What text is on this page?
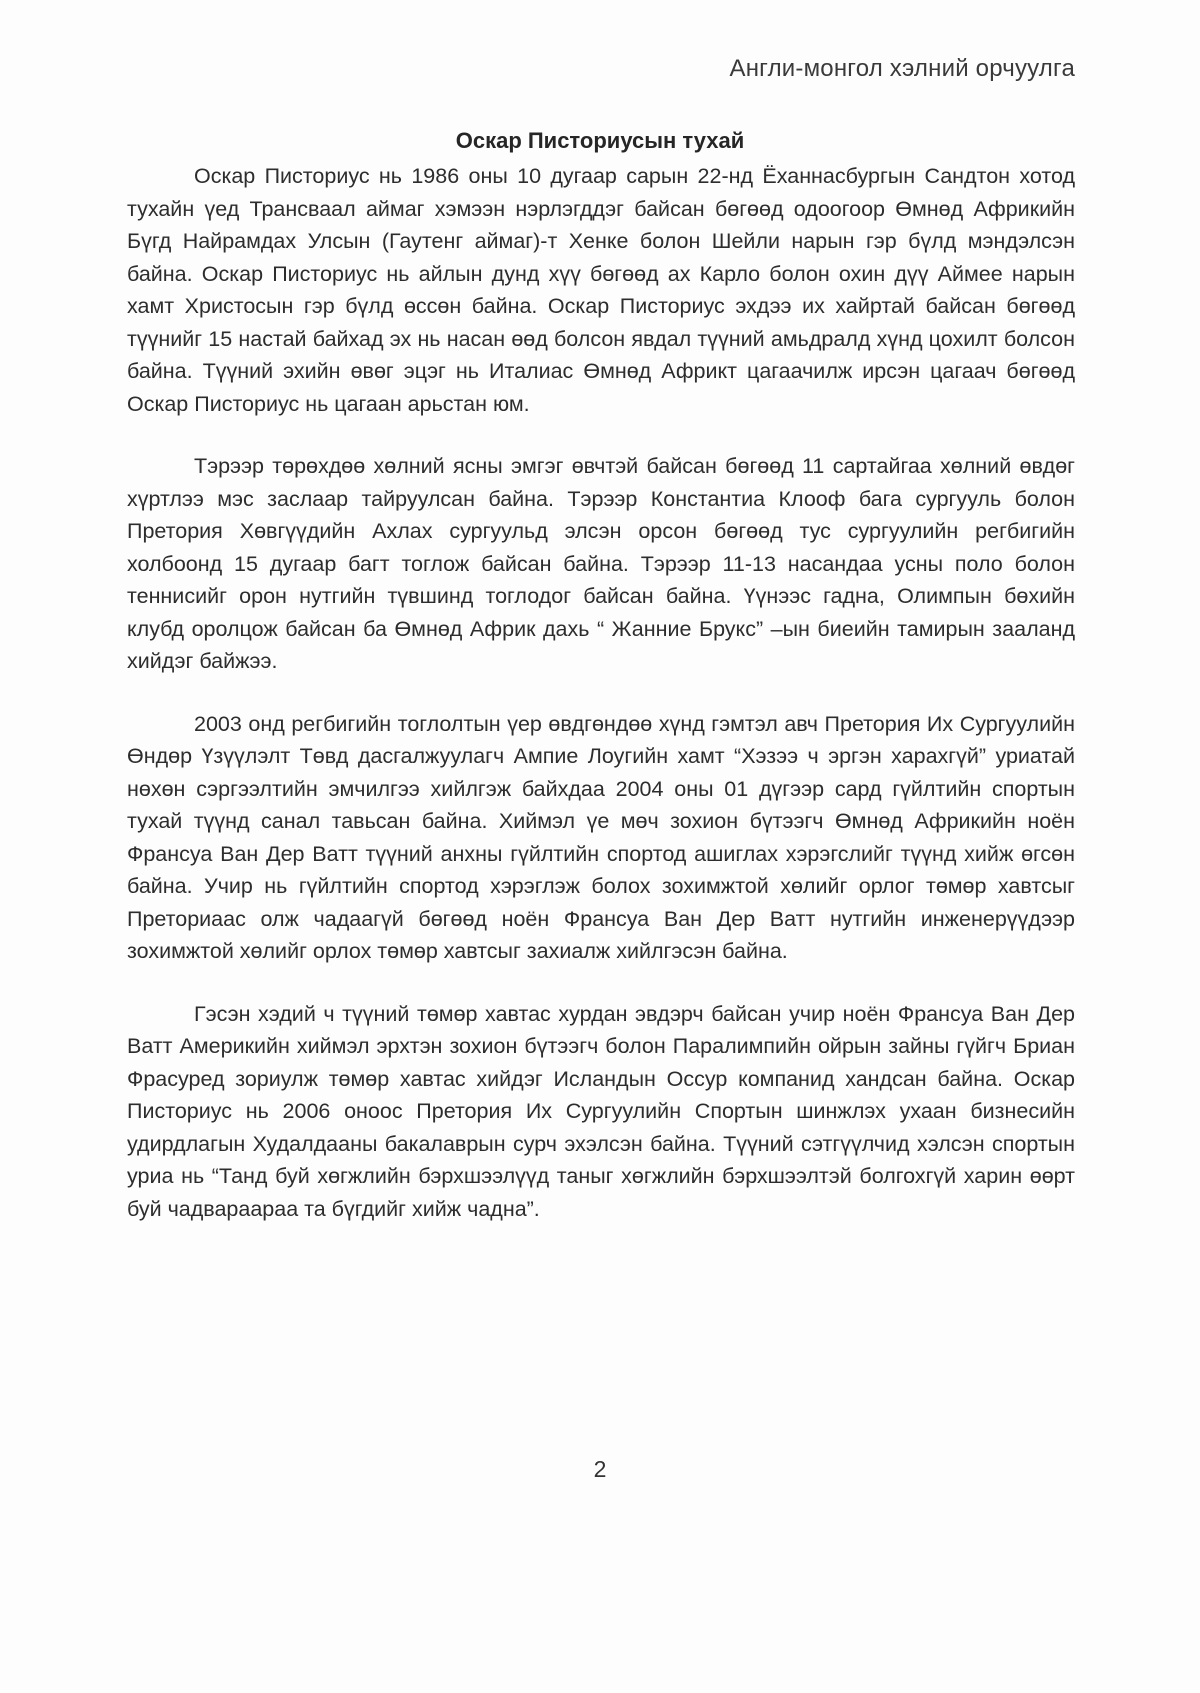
Англи-монгол хэлний орчуулга
Оскар Писториусын тухай

Оскар Писториус нь 1986 оны 10 дугаар сарын 22-нд Ёханнасбургын Сандтон хотод тухайн үед Трансваал аймаг хэмээн нэрлэгддэг байсан бөгөөд одоогоор Өмнөд Африкийн Бүгд Найрамдах Улсын (Гаутенг аймаг)-т Хенке болон Шейли нарын гэр бүлд мэндэлсэн байна. Оскар Писториус нь айлын дунд хүү бөгөөд ах Карло болон охин дүү Аймее нарын хамт Христосын гэр бүлд өссөн байна. Оскар Писториус эхдээ их хайртай байсан бөгөөд түүнийг 15 настай байхад эх нь насан өөд болсон явдал түүний амьдралд хүнд цохилт болсон байна. Түүний эхийн өвөг эцэг нь Италиас Өмнөд Африкт цагаачилж ирсэн цагаач бөгөөд Оскар Писториус нь цагаан арьстан юм.

Тэрээр төрөхдөө хөлний ясны эмгэг өвчтэй байсан бөгөөд 11 сартайгаа хөлний өвдөг хүртлээ мэс заслаар тайруулсан байна. Тэрээр Константиа Клооф бага сургууль болон Претория Хөвгүүдийн Ахлах сургуульд элсэн орсон бөгөөд тус сургуулийн регбигийн холбоонд 15 дугаар багт тоглож байсан байна. Тэрээр 11-13 насандаа усны поло болон теннисийг орон нутгийн түвшинд тоглодог байсан байна. Үүнээс гадна, Олимпын бөхийн клубд оролцож байсан ба Өмнөд Африк дахь “ Жанние Брукс” –ын биеийн тамирын зааланд хийдэг байжээ.

2003 онд регбигийн тоглолтын үер өвдгөндөө хүнд гэмтэл авч Претория Их Сургуулийн Өндөр Үзүүлэлт Төвд дасгалжуулагч Ампие Лоугийн хамт “Хэзээ ч эргэн харахгүй” уриатай нөхөн сэргээлтийн эмчилгээ хийлгэж байхдаа 2004 оны 01 дүгээр сард гүйлтийн спортын тухай түүнд санал тавьсан байна. Хиймэл үе мөч зохион бүтээгч Өмнөд Африкийн ноён Франсуа Ван Дер Ватт түүний анхны гүйлтийн спортод ашиглах хэрэгслийг түүнд хийж өгсөн байна. Учир нь гүйлтийн спортод хэрэглэж болох зохимжтой хөлийг орлог төмөр хавтсыг Преториаас олж чадаагүй бөгөөд ноён Франсуа Ван Дер Ватт нутгийн инженерүүдээр зохимжтой хөлийг орлох төмөр хавтсыг захиалж хийлгэсэн байна.

Гэсэн хэдий ч түүний төмөр хавтас хурдан эвдэрч байсан учир ноён Франсуа Ван Дер Ватт Америкийн хиймэл эрхтэн зохион бүтээгч болон Паралимпийн ойрын зайны гүйгч Бриан Фрасуред зориулж төмөр хавтас хийдэг Исландын Оссур компанид хандсан байна. Оскар Писториус нь 2006 оноос Претория Их Сургуулийн Спортын шинжлэх ухаан бизнесийн удирдлагын Худалдааны бакалаврын сурч эхэлсэн байна. Түүний сэтгүүлчид хэлсэн спортын уриа нь “Танд буй хөгжлийн бэрхшээлүүд таныг хөгжлийн бэрхшээлтэй болгохгүй харин өөрт буй чадвараараа та бүгдийг хийж чадна”.

2
